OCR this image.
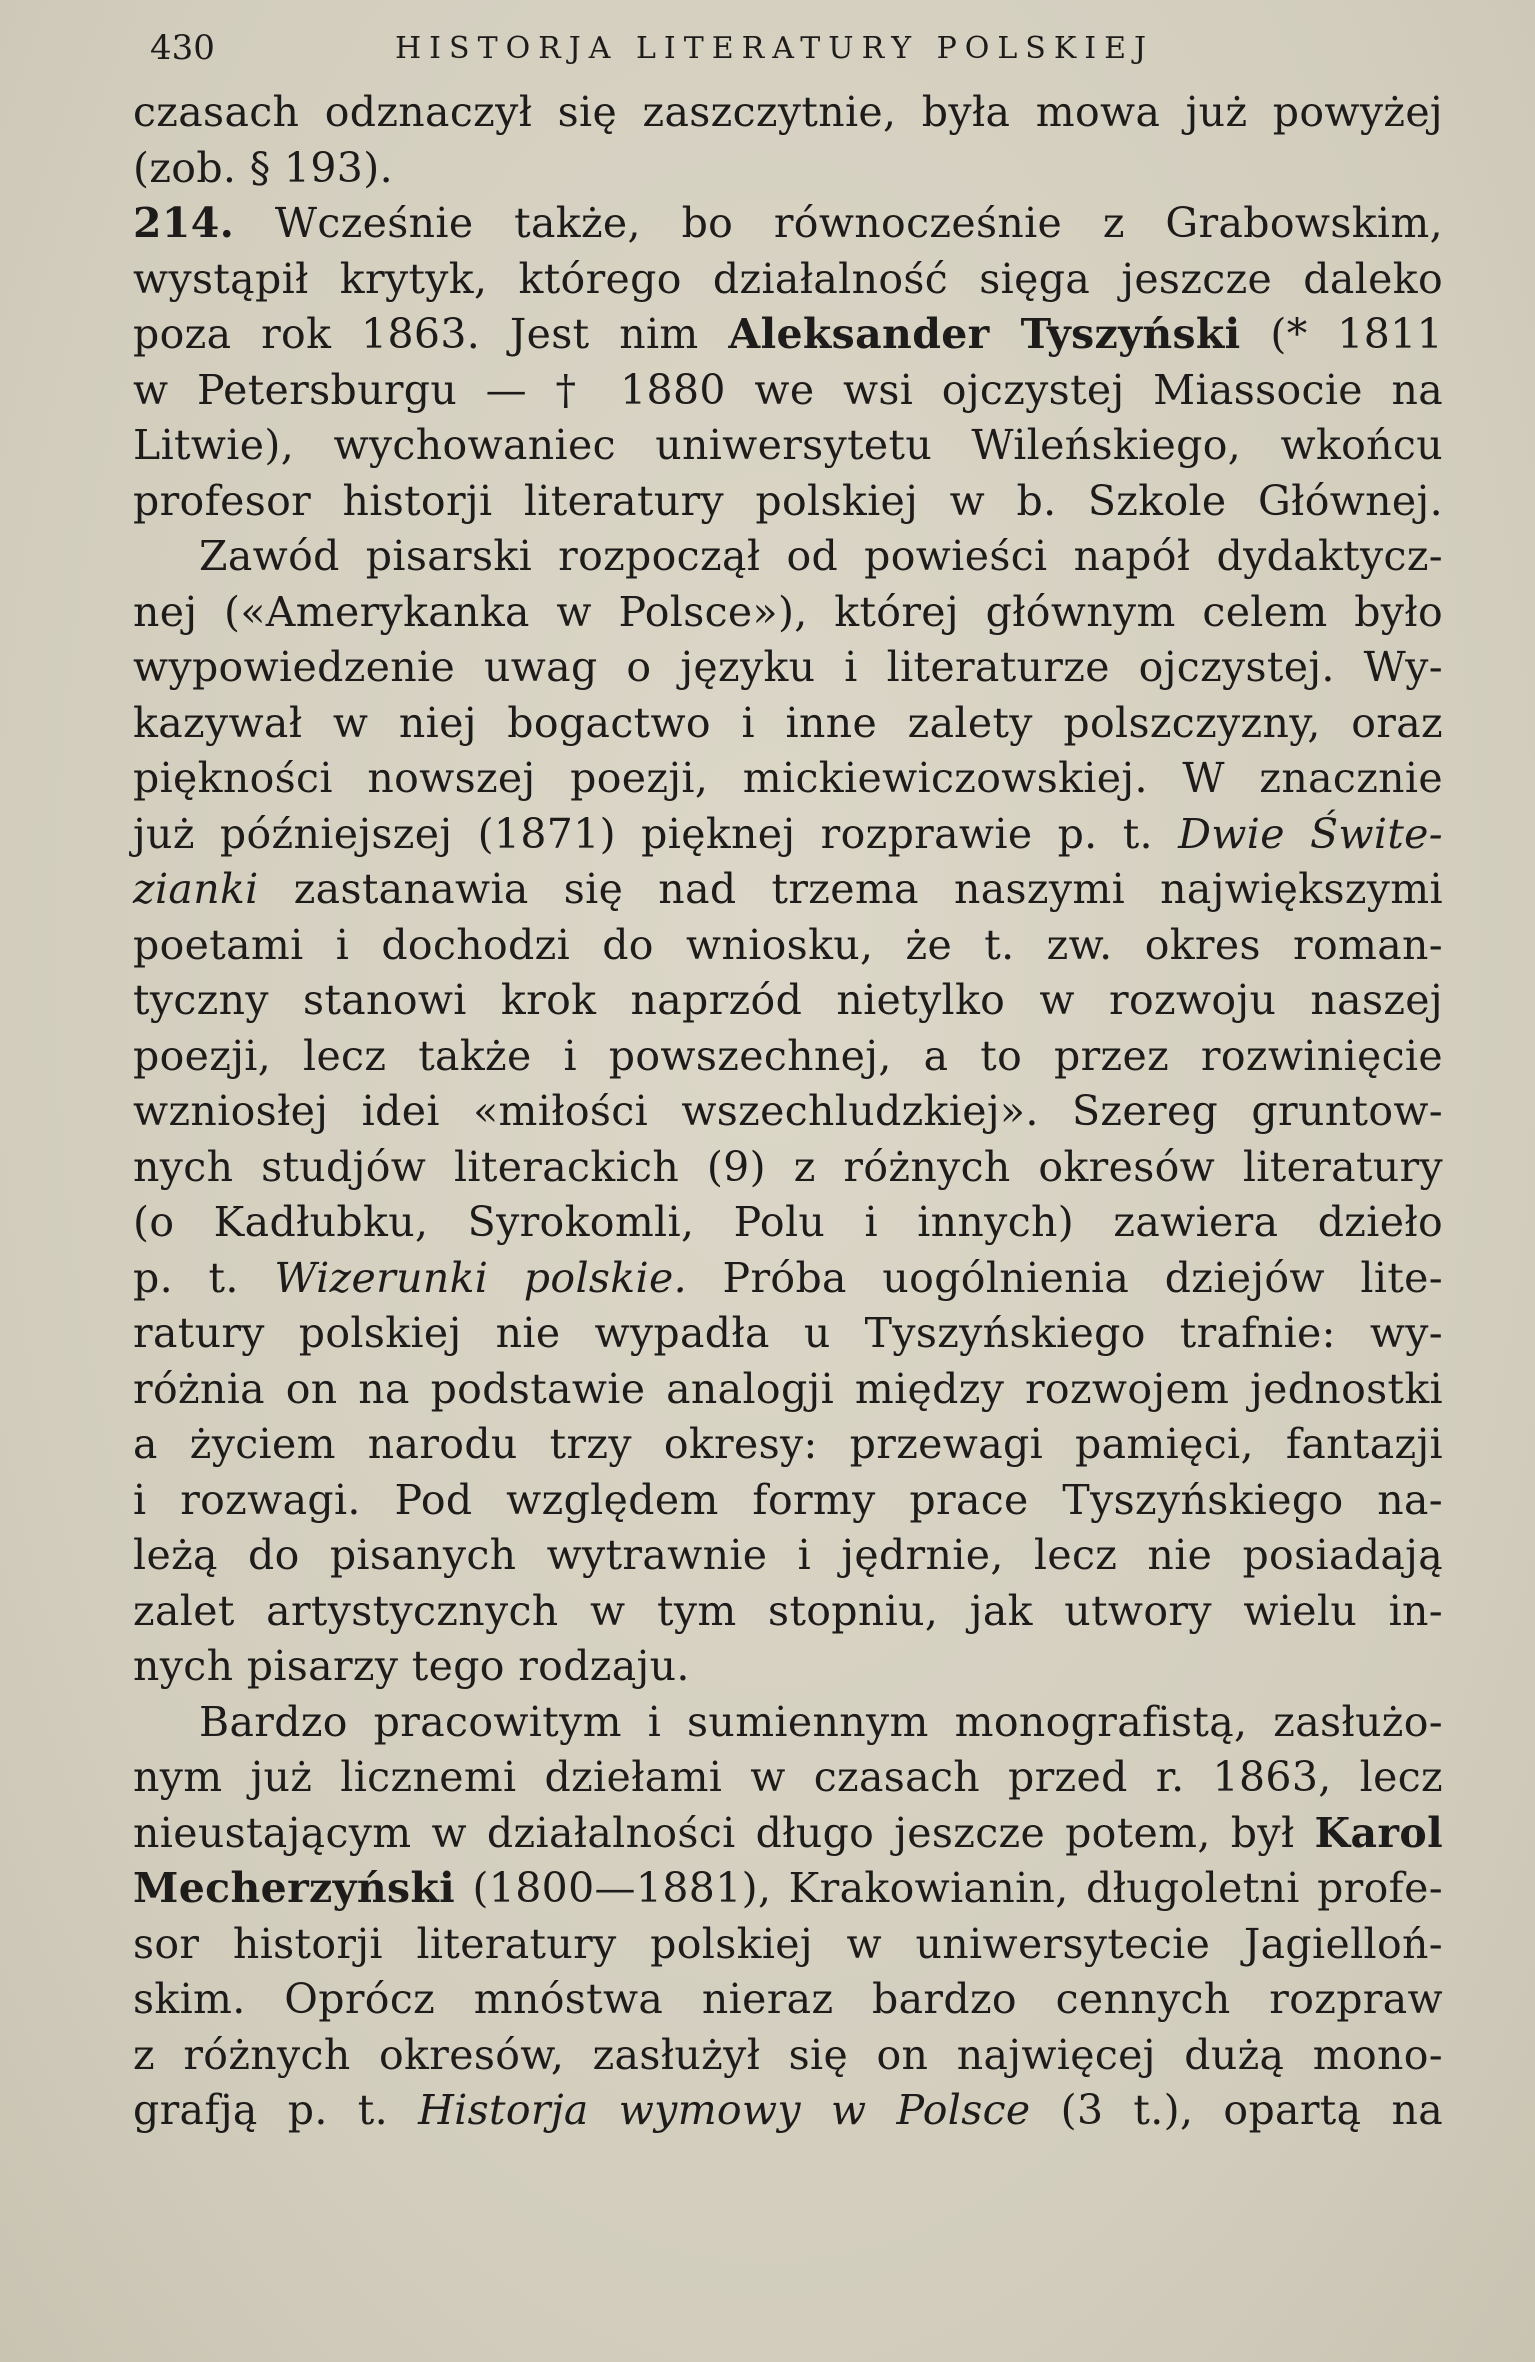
430	HISTORJA LITERATURY POLSKIEJ
czasach odznaczył się zaszczytnie, była mowa już powyżej
(zob. § 193).
214. Wcześnie także, bo równocześnie z Grabowskim,
wystąpił krytyk, którego działalność sięga jeszcze daleko
poza rok 1863. Jest nim Aleksander Tyszyński (* 1811
w Petersburgu — † 1880 we wsi ojczystej Miassocie na
Litwie), wychowaniec uniwersytetu Wileńskiego, wkońcu
profesor historji literatury polskiej w b. Szkole Głównej.
Zawód pisarski rozpoczął od powieści napół dydaktycz-
nej («Amerykanka w Polsce»), której głównym celem było
wypowiedzenie uwag o języku i literaturze ojczystej. Wy-
kazywał w niej bogactwo i inne zalety polszczyzny, oraz
piękności nowszej poezji, mickiewiczowskiej. W znacznie
już późniejszej (1871) pięknej rozprawie p. t. Dwie Świte-
zianki zastanawia się nad trzema naszymi największymi
poetami i dochodzi do wniosku, że t. zw. okres roman-
tyczny stanowi krok naprzód nietylko w rozwoju naszej
poezji, lecz także i powszechnej, a to przez rozwinięcie
wzniosłej idei «miłości wszechludzkiej». Szereg gruntow-
nych studjów literackich (9) z różnych okresów literatury
(o Kadłubku, Syrokomli, Polu i innych) zawiera dzieło
p. t. Wizerunki polskie. Próba uogólnienia dziejów lite-
ratury polskiej nie wypadła u Tyszyńskiego trafnie: wy-
różnia on na podstawie analogji między rozwojem jednostki
a życiem narodu trzy okresy: przewagi pamięci, fantazji
i rozwagi. Pod względem formy prace Tyszyńskiego na-
leżą do pisanych wytrawnie i jędrnie, lecz nie posiadają
zalet artystycznych w tym stopniu, jak utwory wielu in-
nych pisarzy tego rodzaju.
Bardzo pracowitym i sumiennym monografistą, zasłużo-
nym już licznemi dziełami w czasach przed r. 1863, lecz
nieustającym w działalności długo jeszcze potem, był Karol
Mecherzyński (1800—1881), Krakowianin, długoletni profe-
sor historji literatury polskiej w uniwersytecie Jagielloń-
skim. Oprócz mnóstwa nieraz bardzo cennych rozpraw
z różnych okresów, zasłużył się on najwięcej dużą mono-
grafją p. t. Historja wymowy w Polsce (3 t.), opartą na
